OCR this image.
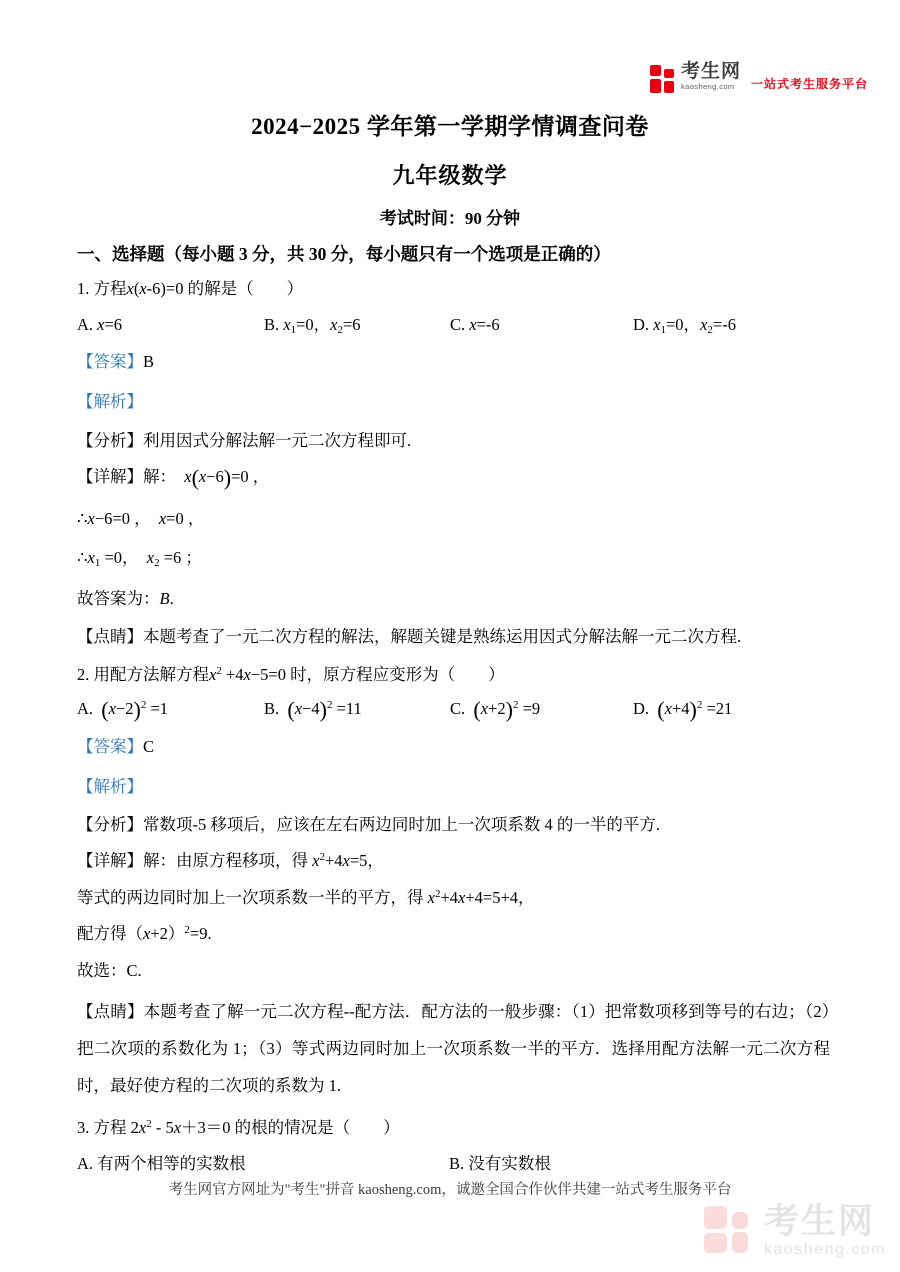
考生网
kaosheng.com	一站式考生服务平台
2024−2025 学年第一学期学情调查问卷
九年级数学
考试时间：90 分钟
一、选择题（每小题 3 分，共 30 分，每小题只有一个选项是正确的）
1. 方程x(x-6)=0 的解是（  ）
A. x=6	B. $x_1=0$，$x_2=6$	C. x=-6	D. $x_1=0$，$x_2=-6$
【答案】B
【解析】
【分析】利用因式分解法解一元二次方程即可.
【详解】解： x(x−6)=0 ，
∴x−6=0 ， x=0 ，
$\therefore x_1 =0$， $x_2 =6$ ；
故答案为：B.
【点睛】本题考查了一元二次方程的解法，解题关键是熟练运用因式分解法解一元二次方程.
2. 用配方法解方程$x^2 +4x-5=0$ 时，原方程应变形为（  ）
A. $(x-2)^2 =1$	B. $(x-4)^2 =11$	C. $(x+2)^2 =9$	D. $(x+4)^2 =21$
【答案】C
【解析】
【分析】常数项-5 移项后，应该在左右两边同时加上一次项系数 4 的一半的平方.
【详解】解：由原方程移项，得 $x^2+4x=5$，
等式的两边同时加上一次项系数一半的平方，得 $x^2+4x+4=5+4$，
配方得$(x+2)^2=9$.
故选：C.
【点睛】本题考查了解一元二次方程--配方法．配方法的一般步骤：（1）把常数项移到等号的右边；（2）把二次项的系数化为 1；（3）等式两边同时加上一次项系数一半的平方．选择用配方法解一元二次方程时，最好使方程的二次项的系数为 1.
3. 方程 $2x^2 - 5x+3=0$ 的根的情况是（  ）
A. 有两个相等的实数根	B. 没有实数根
考生网官方网址为"考生"拼音 kaosheng.com，诚邀全国合作伙伴共建一站式考生服务平台
考生网
kaosheng.com
